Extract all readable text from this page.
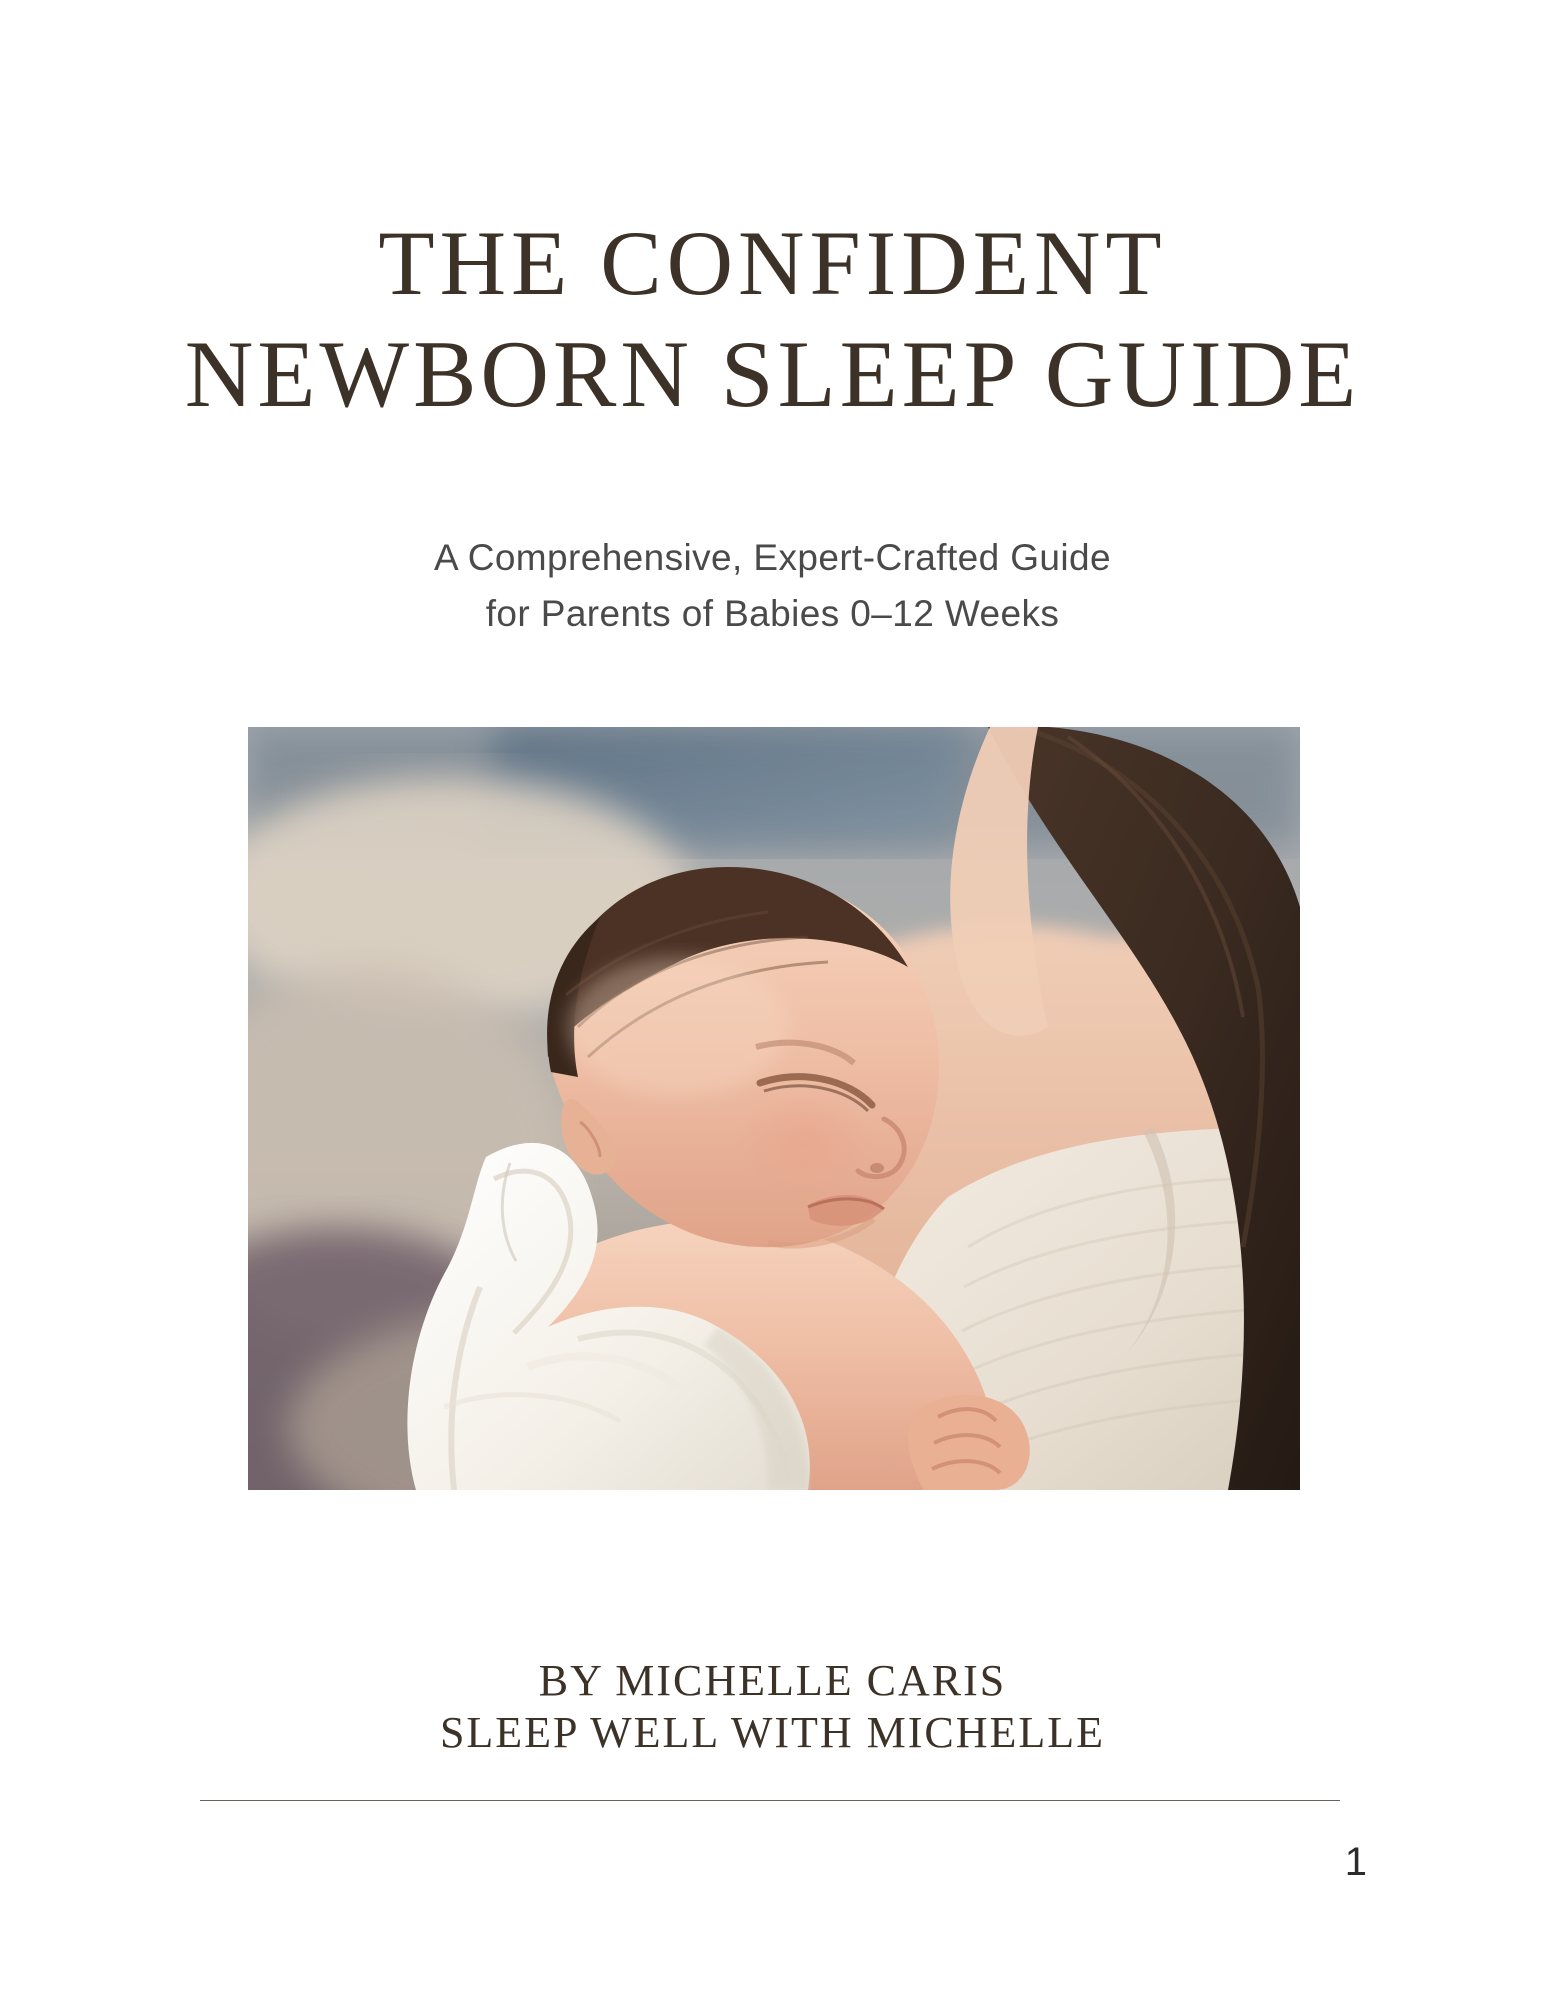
THE CONFIDENT
NEWBORN SLEEP GUIDE
A Comprehensive, Expert-Crafted Guide
for Parents of Babies 0–12 Weeks
BY MICHELLE CARIS
SLEEP WELL WITH MICHELLE
1
